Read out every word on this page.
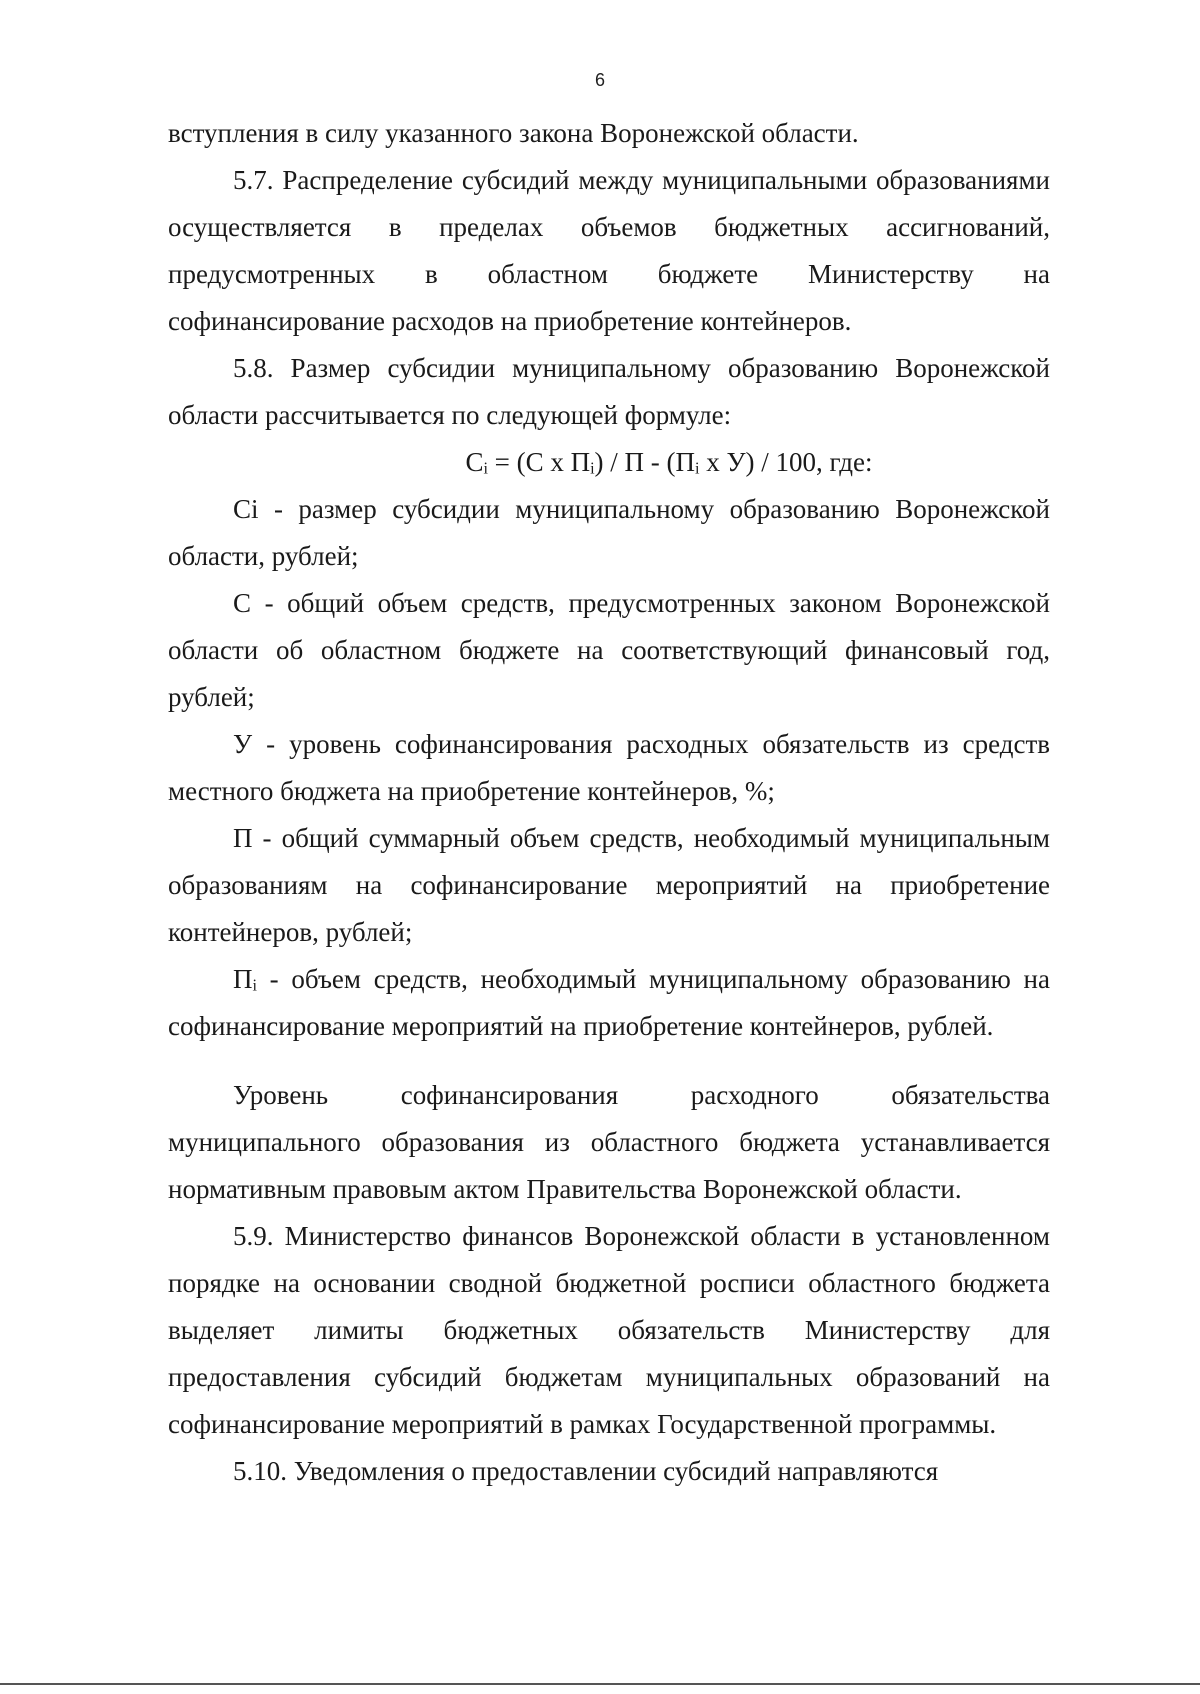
6

вступления в силу указанного закона Воронежской области.

5.7. Распределение субсидий между муниципальными образованиями осуществляется в пределах объемов бюджетных ассигнований, предусмотренных в областном бюджете Министерству на софинансирование расходов на приобретение контейнеров.

5.8. Размер субсидии муниципальному образованию Воронежской области рассчитывается по следующей формуле:

Cᵢ = (С х Пᵢ) / П - (Пᵢ х У) / 100, где:

Ci - размер субсидии муниципальному образованию Воронежской области, рублей;

С - общий объем средств, предусмотренных законом Воронежской области об областном бюджете на соответствующий финансовый год, рублей;

У - уровень софинансирования расходных обязательств из средств местного бюджета на приобретение контейнеров, %;

П - общий суммарный объем средств, необходимый муниципальным образованиям на софинансирование мероприятий на приобретение контейнеров, рублей;

Пᵢ - объем средств, необходимый муниципальному образованию на софинансирование мероприятий на приобретение контейнеров, рублей.

Уровень софинансирования расходного обязательства муниципального образования из областного бюджета устанавливается нормативным правовым актом Правительства Воронежской области.

5.9. Министерство финансов Воронежской области в установленном порядке на основании сводной бюджетной росписи областного бюджета выделяет лимиты бюджетных обязательств Министерству для предоставления субсидий бюджетам муниципальных образований на софинансирование мероприятий в рамках Государственной программы.

5.10. Уведомления о предоставлении субсидий направляются
